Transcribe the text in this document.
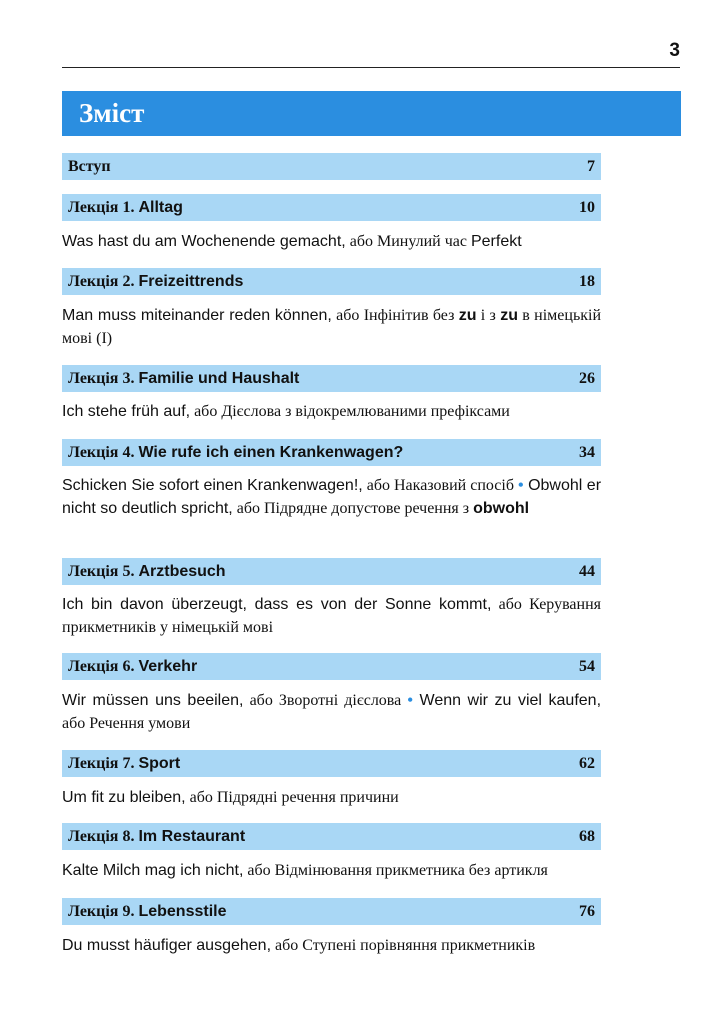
3
Зміст
Вступ	7
Лекція 1. Alltag	10
Was hast du am Wochenende gemacht, або Минулий час Perfekt
Лекція 2. Freizeittrends	18
Man muss miteinander reden können, або Інфінітив без zu і з zu в німецькій мові (І)
Лекція 3. Familie und Haushalt	26
Ich stehe früh auf, або Дієслова з відокремлюваними префіксами
Лекція 4. Wie rufe ich einen Krankenwagen?	34
Schicken Sie sofort einen Krankenwagen!, або Наказовий спосіб • Obwohl er nicht so deutlich spricht, або Підрядне допустове речення з obwohl
Лекція 5. Arztbesuch	44
Ich bin davon überzeugt, dass es von der Sonne kommt, або Керування прикметників у німецькій мові
Лекція 6. Verkehr	54
Wir müssen uns beeilen, або Зворотні дієслова • Wenn wir zu viel kaufen, або Речення умови
Лекція 7. Sport	62
Um fit zu bleiben, або Підрядні речення причини
Лекція 8. Im Restaurant	68
Kalte Milch mag ich nicht, або Відмінювання прикметника без артикля
Лекція 9. Lebensstile	76
Du musst häufiger ausgehen, або Ступені порівняння прикметників
